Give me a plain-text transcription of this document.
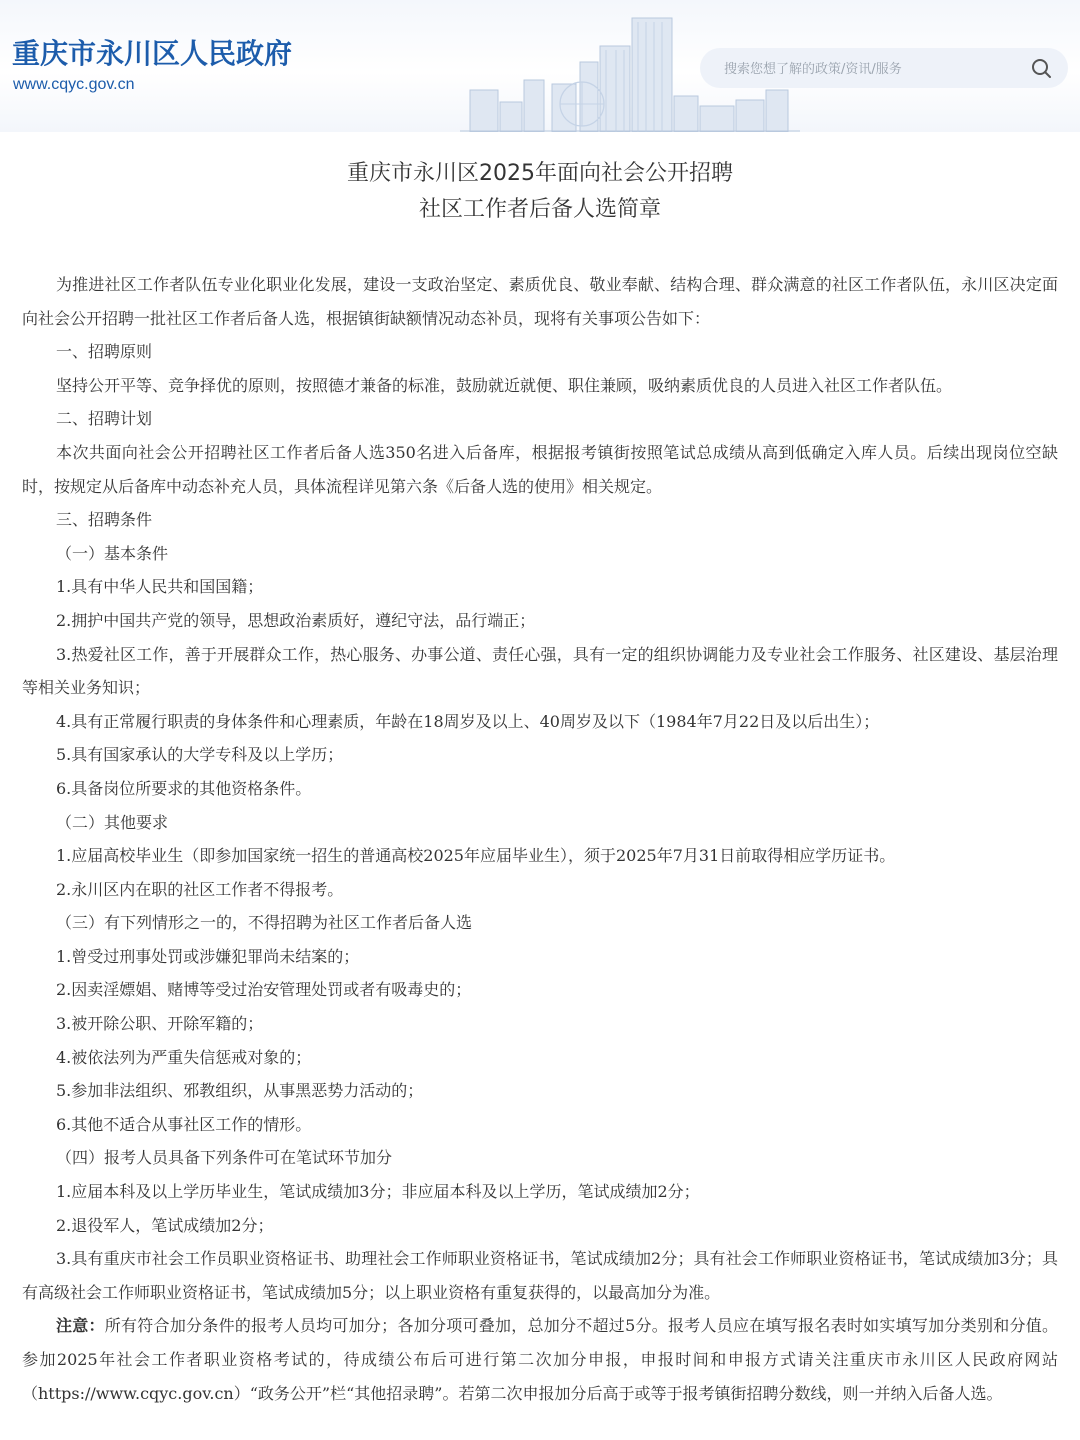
重庆市永川区人民政府
www.cqyc.gov.cn
搜索您想了解的政策/资讯/服务
重庆市永川区2025年面向社会公开招聘
社区工作者后备人选简章

为推进社区工作者队伍专业化职业化发展，建设一支政治坚定、素质优良、敬业奉献、结构合理、群众满意的社区工作者队伍，永川区决定面向社会公开招聘一批社区工作者后备人选，根据镇街缺额情况动态补员，现将有关事项公告如下：

一、招聘原则

坚持公开平等、竞争择优的原则，按照德才兼备的标准，鼓励就近就便、职住兼顾，吸纳素质优良的人员进入社区工作者队伍。

二、招聘计划

本次共面向社会公开招聘社区工作者后备人选350名进入后备库，根据报考镇街按照笔试总成绩从高到低确定入库人员。后续出现岗位空缺时，按规定从后备库中动态补充人员，具体流程详见第六条《后备人选的使用》相关规定。

三、招聘条件

（一）基本条件

1.具有中华人民共和国国籍；

2.拥护中国共产党的领导，思想政治素质好，遵纪守法，品行端正；

3.热爱社区工作，善于开展群众工作，热心服务、办事公道、责任心强，具有一定的组织协调能力及专业社会工作服务、社区建设、基层治理等相关业务知识；

4.具有正常履行职责的身体条件和心理素质，年龄在18周岁及以上、40周岁及以下（1984年7月22日及以后出生）；

5.具有国家承认的大学专科及以上学历；

6.具备岗位所要求的其他资格条件。

（二）其他要求

1.应届高校毕业生（即参加国家统一招生的普通高校2025年应届毕业生），须于2025年7月31日前取得相应学历证书。

2.永川区内在职的社区工作者不得报考。

（三）有下列情形之一的，不得招聘为社区工作者后备人选

1.曾受过刑事处罚或涉嫌犯罪尚未结案的；

2.因卖淫嫖娼、赌博等受过治安管理处罚或者有吸毒史的；

3.被开除公职、开除军籍的；

4.被依法列为严重失信惩戒对象的；

5.参加非法组织、邪教组织，从事黑恶势力活动的；

6.其他不适合从事社区工作的情形。

（四）报考人员具备下列条件可在笔试环节加分

1.应届本科及以上学历毕业生，笔试成绩加3分；非应届本科及以上学历，笔试成绩加2分；

2.退役军人，笔试成绩加2分；

3.具有重庆市社会工作员职业资格证书、助理社会工作师职业资格证书，笔试成绩加2分；具有社会工作师职业资格证书，笔试成绩加3分；具有高级社会工作师职业资格证书，笔试成绩加5分；以上职业资格有重复获得的，以最高加分为准。

注意：所有符合加分条件的报考人员均可加分；各加分项可叠加，总加分不超过5分。报考人员应在填写报名表时如实填写加分类别和分值。参加2025年社会工作者职业资格考试的，待成绩公布后可进行第二次加分申报，申报时间和申报方式请关注重庆市永川区人民政府网站（https://www.cqyc.gov.cn）“政务公开”栏“其他招录聘”。若第二次申报加分后高于或等于报考镇街招聘分数线，则一并纳入后备人选。
